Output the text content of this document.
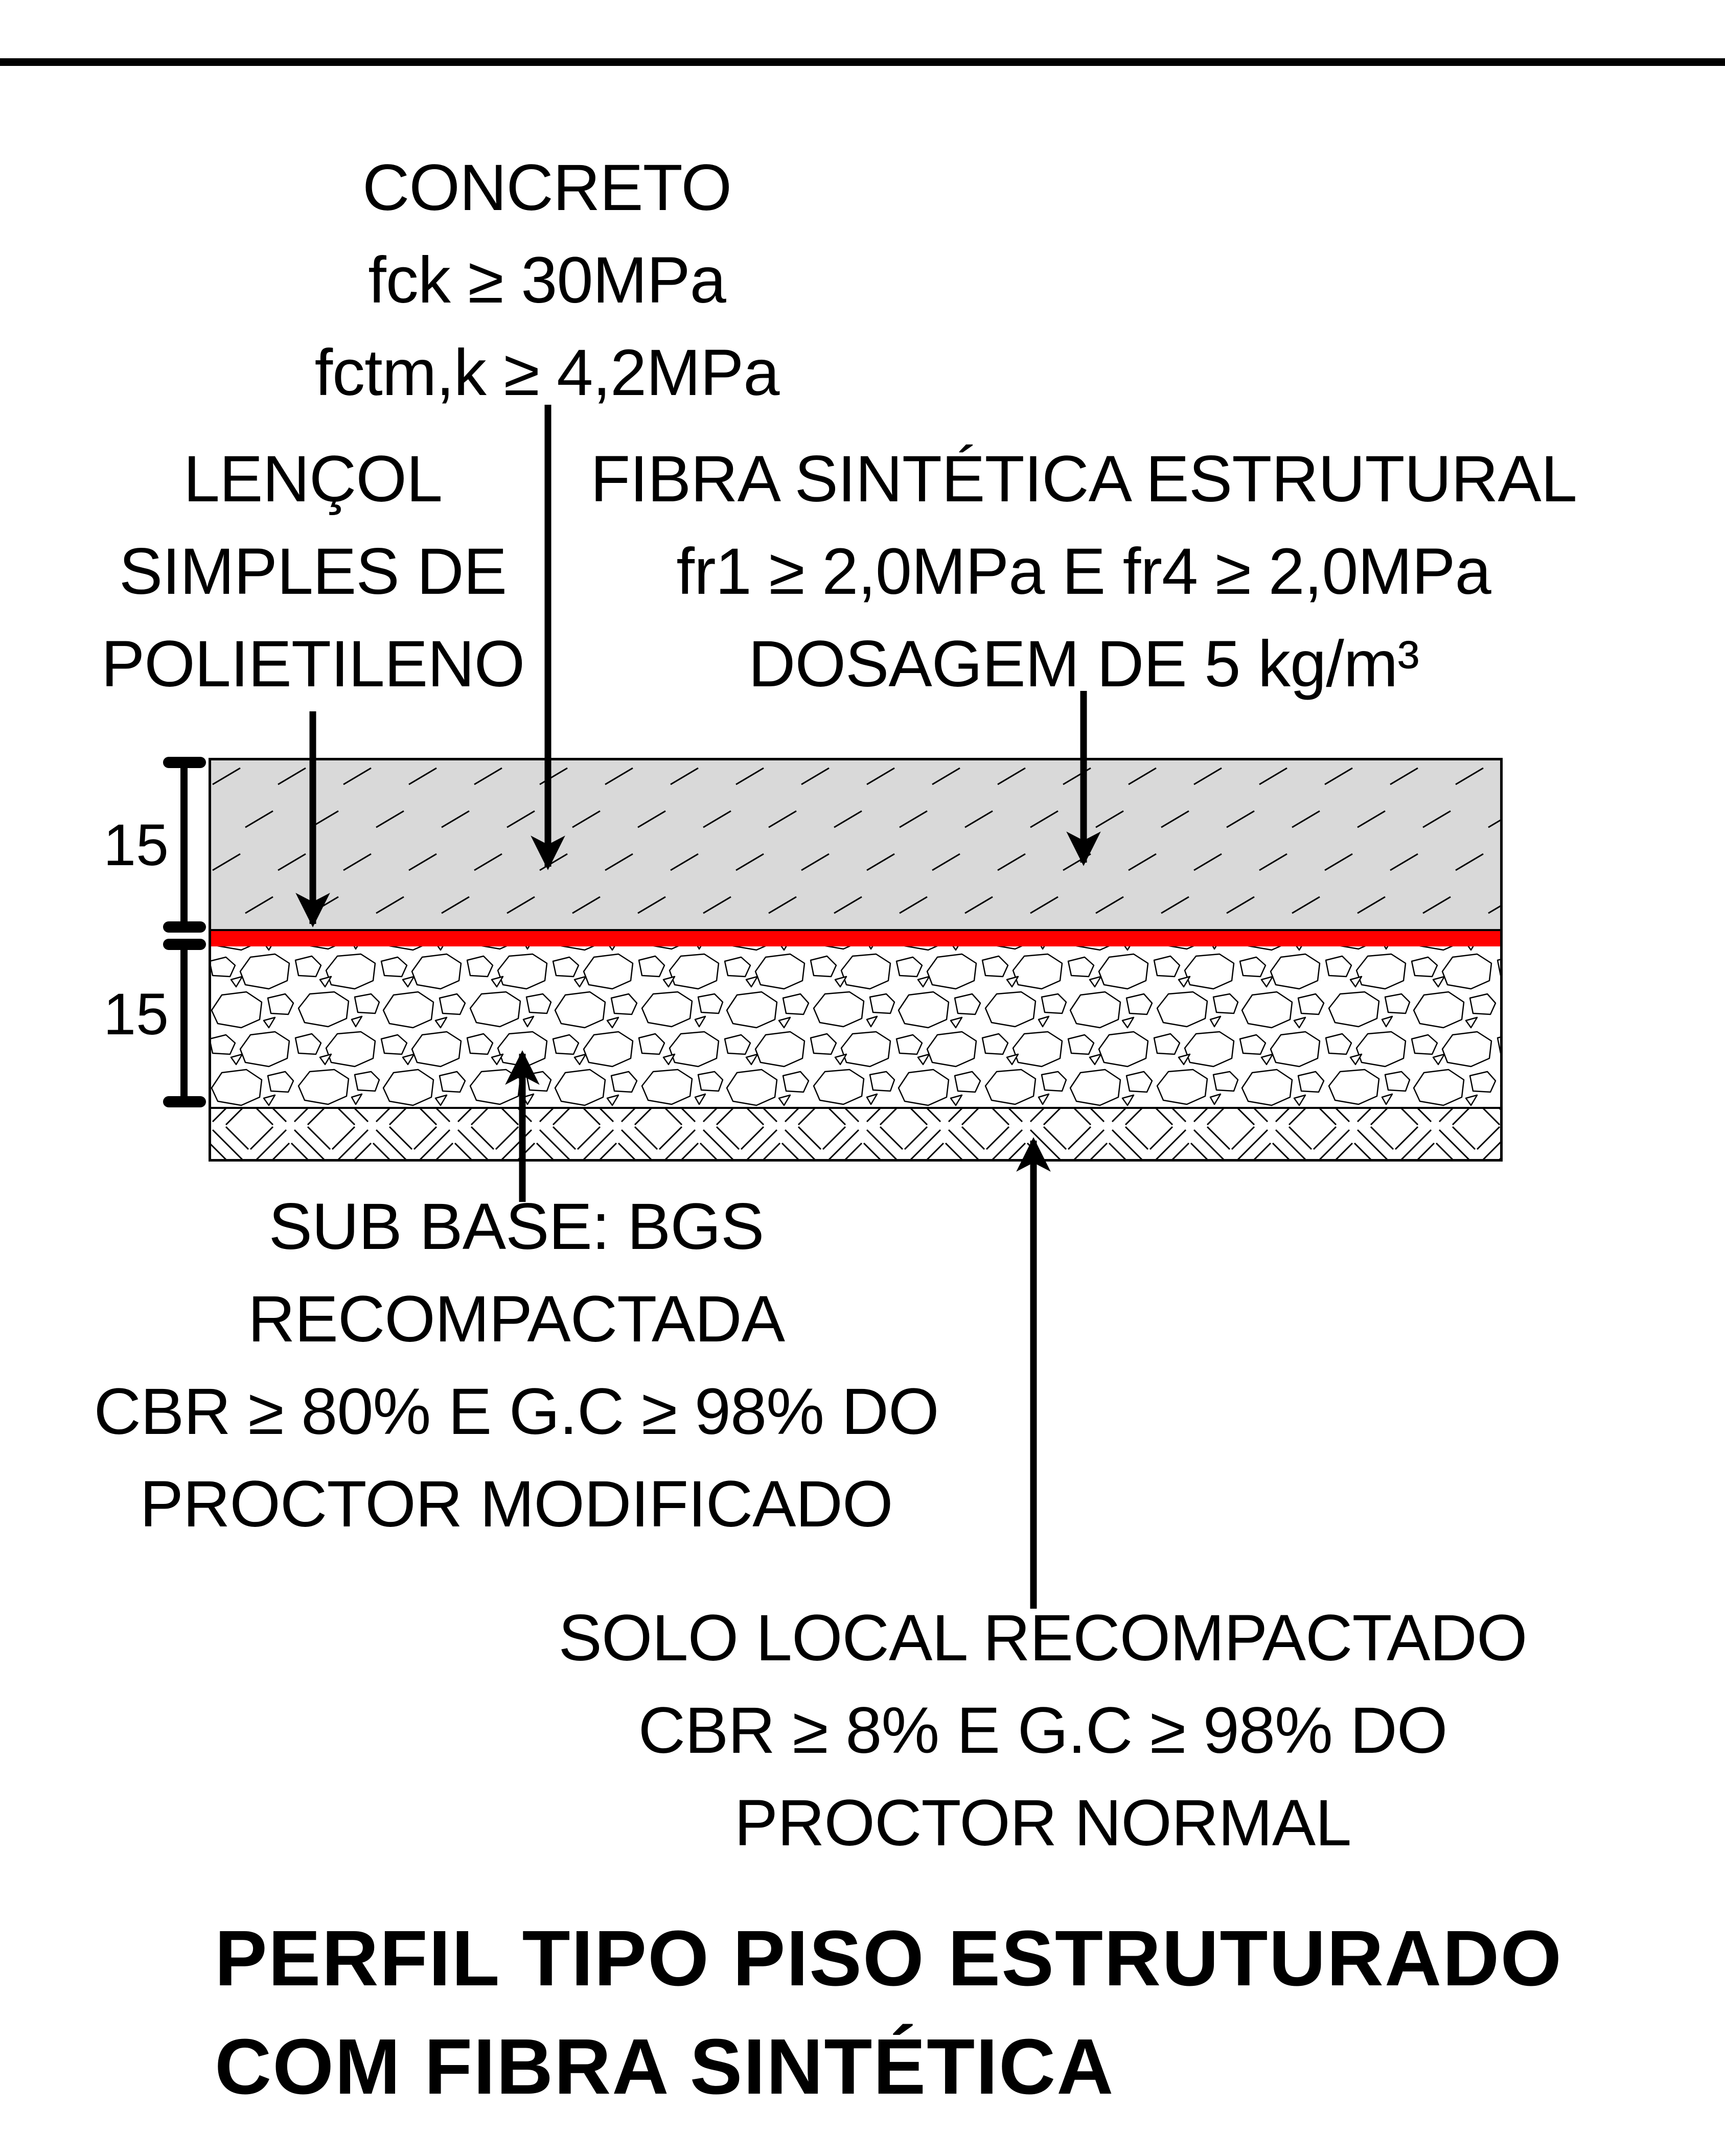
CONCRETO
fck ≥ 30MPa
fctm,k ≥ 4,2MPa
LENÇOL
SIMPLES DE
POLIETILENO
FIBRA SINTÉTICA ESTRUTURAL
fr1 ≥ 2,0MPa E fr4 ≥ 2,0MPa
DOSAGEM DE 5 kg/m³
15
15
SUB BASE: BGS
RECOMPACTADA
CBR ≥ 80% E G.C ≥ 98% DO
PROCTOR MODIFICADO
SOLO LOCAL RECOMPACTADO
CBR ≥ 8% E G.C ≥ 98% DO
PROCTOR NORMAL
PERFIL TIPO PISO ESTRUTURADO
COM FIBRA SINTÉTICA
